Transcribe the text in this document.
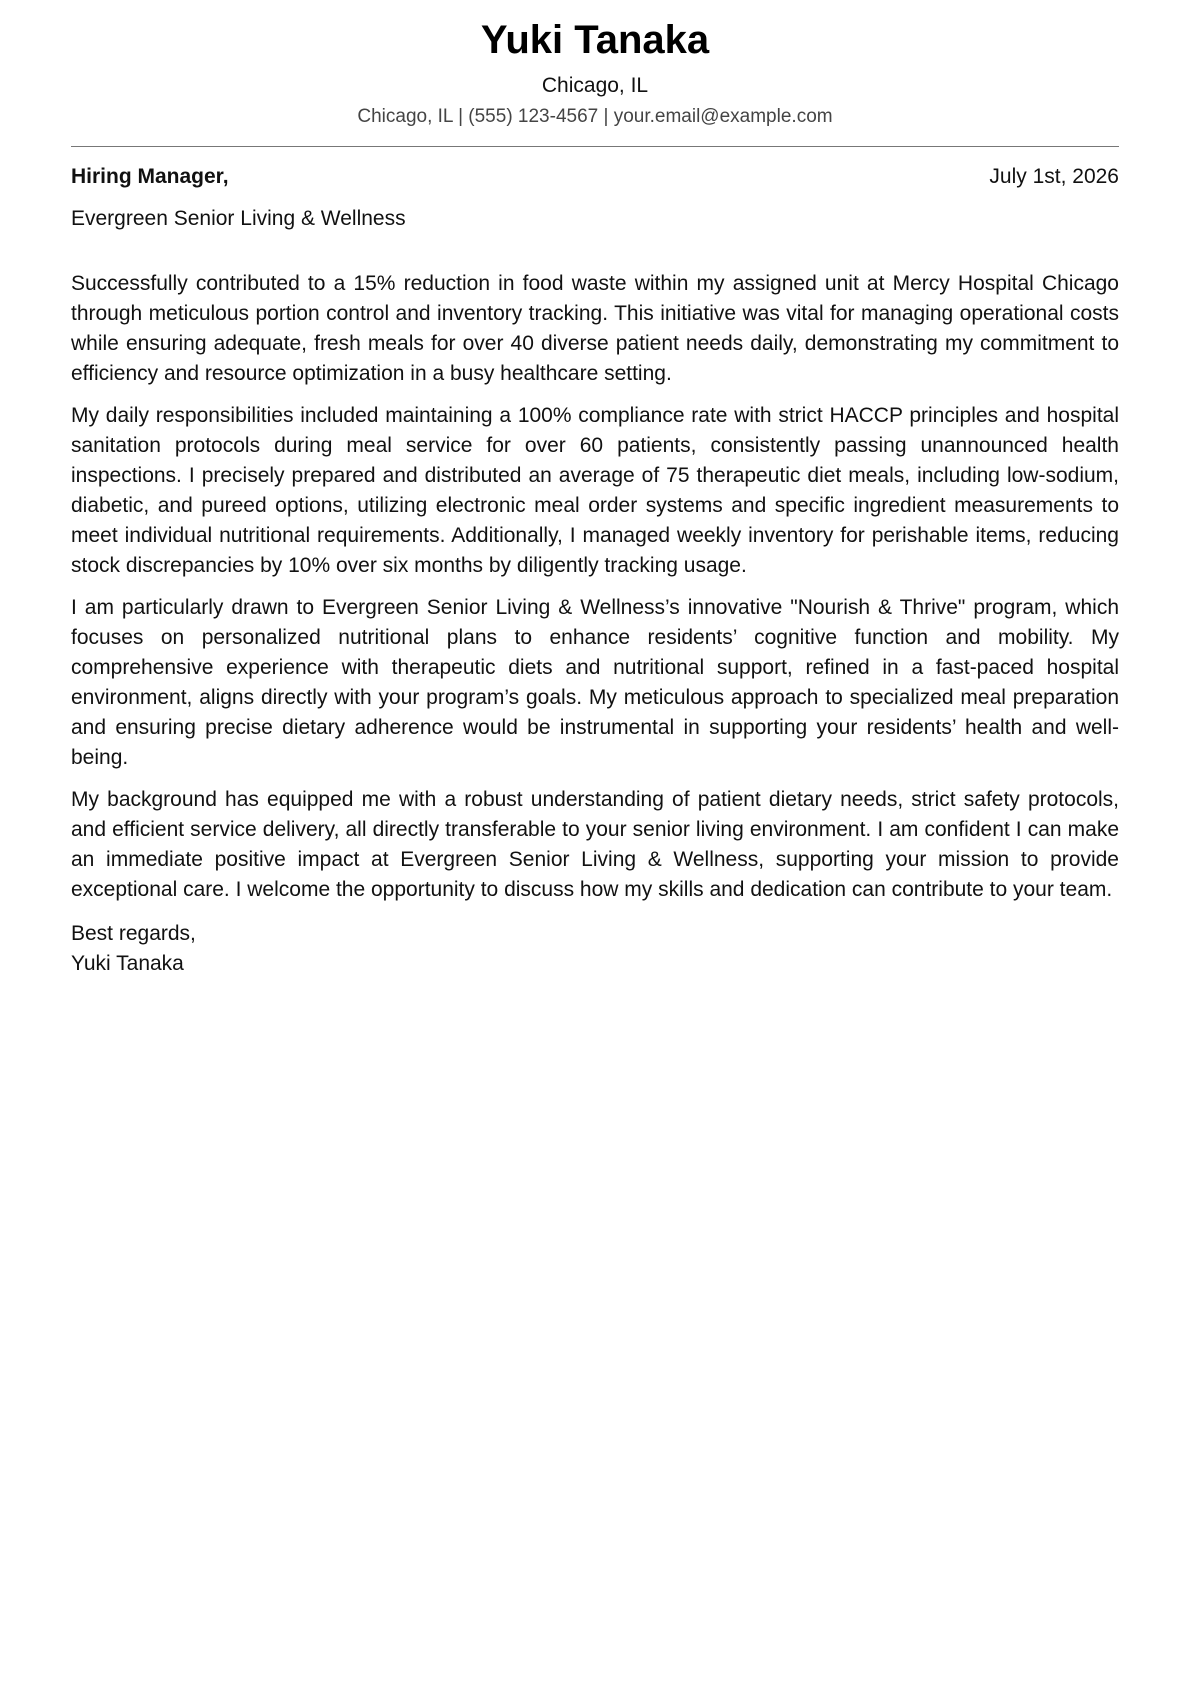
Yuki Tanaka
Chicago, IL
Chicago, IL | (555) 123-4567 | your.email@example.com
Hiring Manager,	July 1st, 2026
Evergreen Senior Living & Wellness

Successfully contributed to a 15% reduction in food waste within my assigned unit at Mercy Hospital Chicago through meticulous portion control and inventory tracking. This initiative was vital for managing operational costs while ensuring adequate, fresh meals for over 40 diverse patient needs daily, demonstrating my commitment to efficiency and resource optimization in a busy healthcare setting.

My daily responsibilities included maintaining a 100% compliance rate with strict HACCP principles and hospital sanitation protocols during meal service for over 60 patients, consistently passing unannounced health inspections. I precisely prepared and distributed an average of 75 therapeutic diet meals, including low-sodium, diabetic, and pureed options, utilizing electronic meal order systems and specific ingredient measurements to meet individual nutritional requirements. Additionally, I managed weekly inventory for perishable items, reducing stock discrepancies by 10% over six months by diligently tracking usage.

I am particularly drawn to Evergreen Senior Living & Wellness’s innovative "Nourish & Thrive" program, which focuses on personalized nutritional plans to enhance residents’ cognitive function and mobility. My comprehensive experience with therapeutic diets and nutritional support, refined in a fast-paced hospital environment, aligns directly with your program’s goals. My meticulous approach to specialized meal preparation and ensuring precise dietary adherence would be instrumental in supporting your residents’ health and well-being.

My background has equipped me with a robust understanding of patient dietary needs, strict safety protocols, and efficient service delivery, all directly transferable to your senior living environment. I am confident I can make an immediate positive impact at Evergreen Senior Living & Wellness, supporting your mission to provide exceptional care. I welcome the opportunity to discuss how my skills and dedication can contribute to your team.

Best regards,
Yuki Tanaka
